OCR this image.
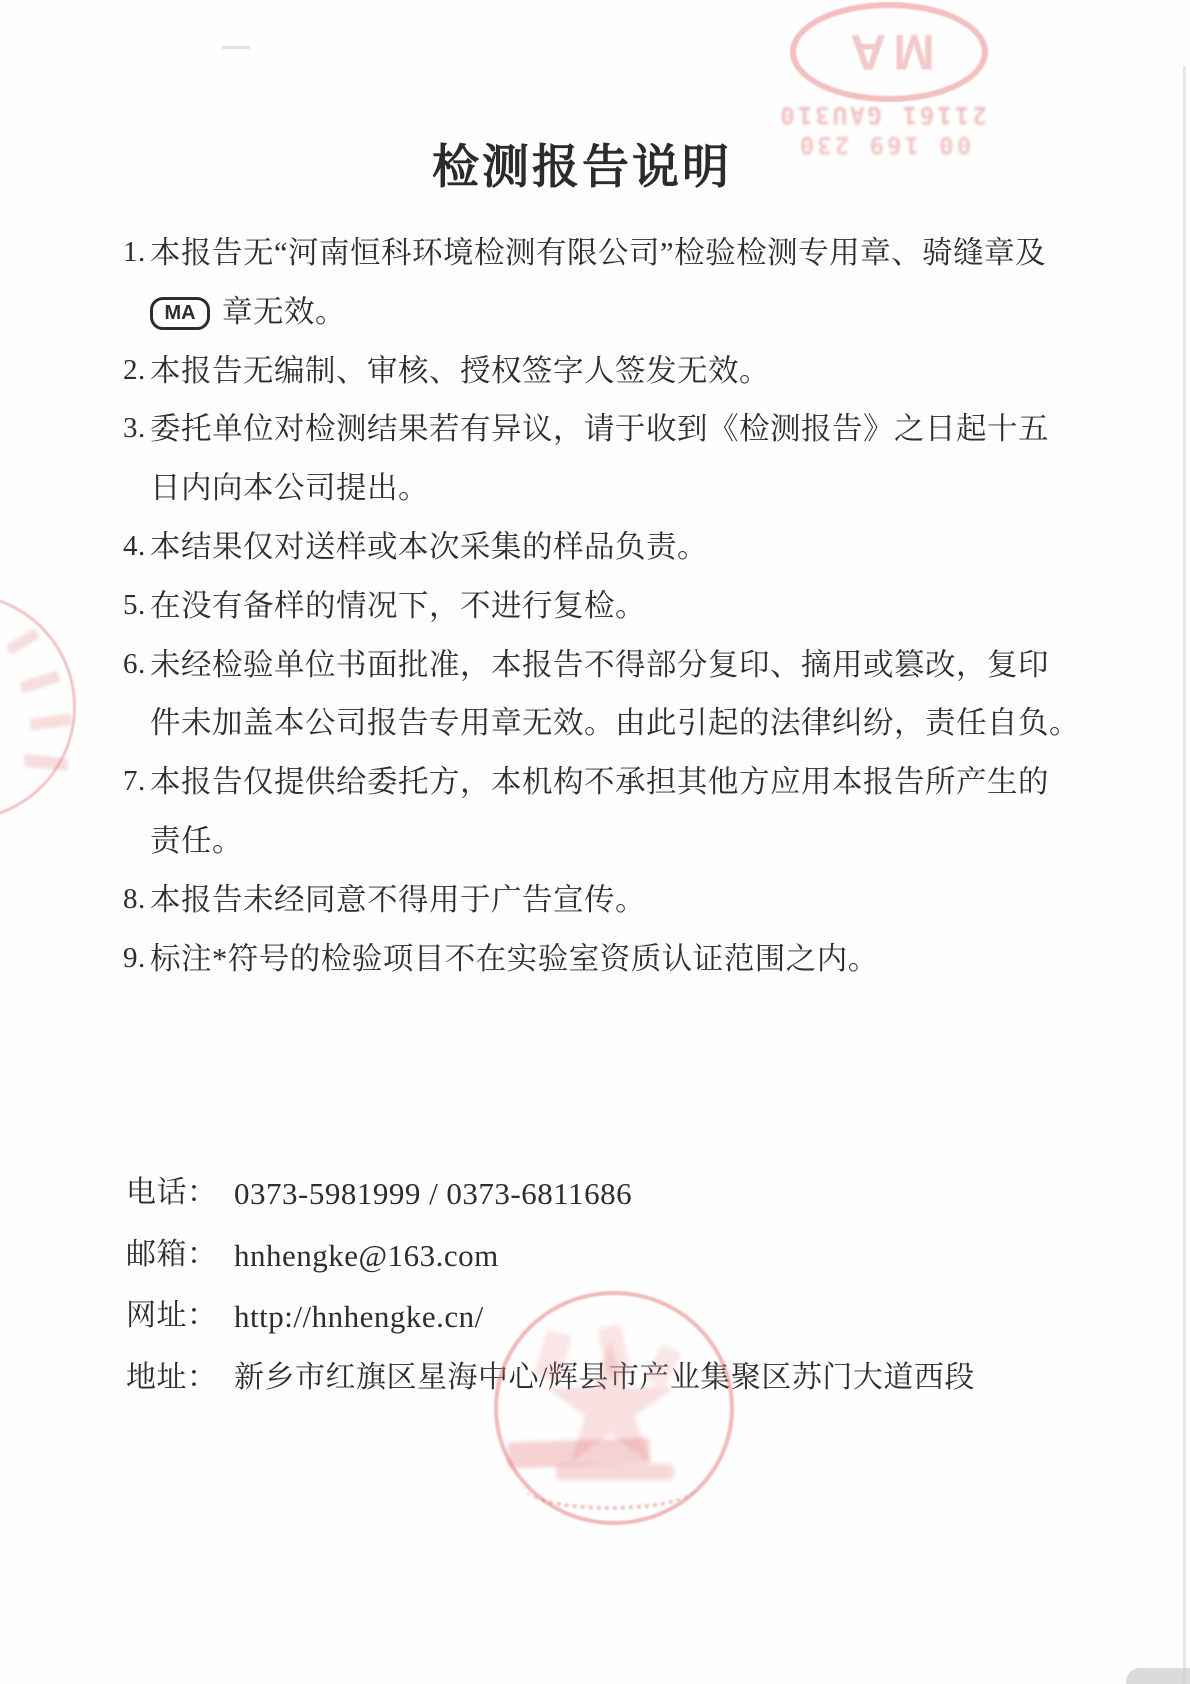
检测报告说明
1. 本报告无“河南恒科环境检测有限公司”检验检测专用章、骑缝章及
MA 章无效。
2. 本报告无编制、审核、授权签字人签发无效。
3. 委托单位对检测结果若有异议，请于收到《检测报告》之日起十五
日内向本公司提出。
4. 本结果仅对送样或本次采集的样品负责。
5. 在没有备样的情况下，不进行复检。
6. 未经检验单位书面批准，本报告不得部分复印、摘用或篡改，复印
件未加盖本公司报告专用章无效。由此引起的法律纠纷，责任自负。
7. 本报告仅提供给委托方，本机构不承担其他方应用本报告所产生的
责任。
8. 本报告未经同意不得用于广告宣传。
9. 标注*符号的检验项目不在实验室资质认证范围之内。
电话： 0373-5981999 / 0373-6811686
邮箱： hnhengke@163.com
网址： http://hnhengke.cn/
地址： 新乡市红旗区星海中心/辉县市产业集聚区苏门大道西段
MA
21161 GAU310
00 169 230
★
